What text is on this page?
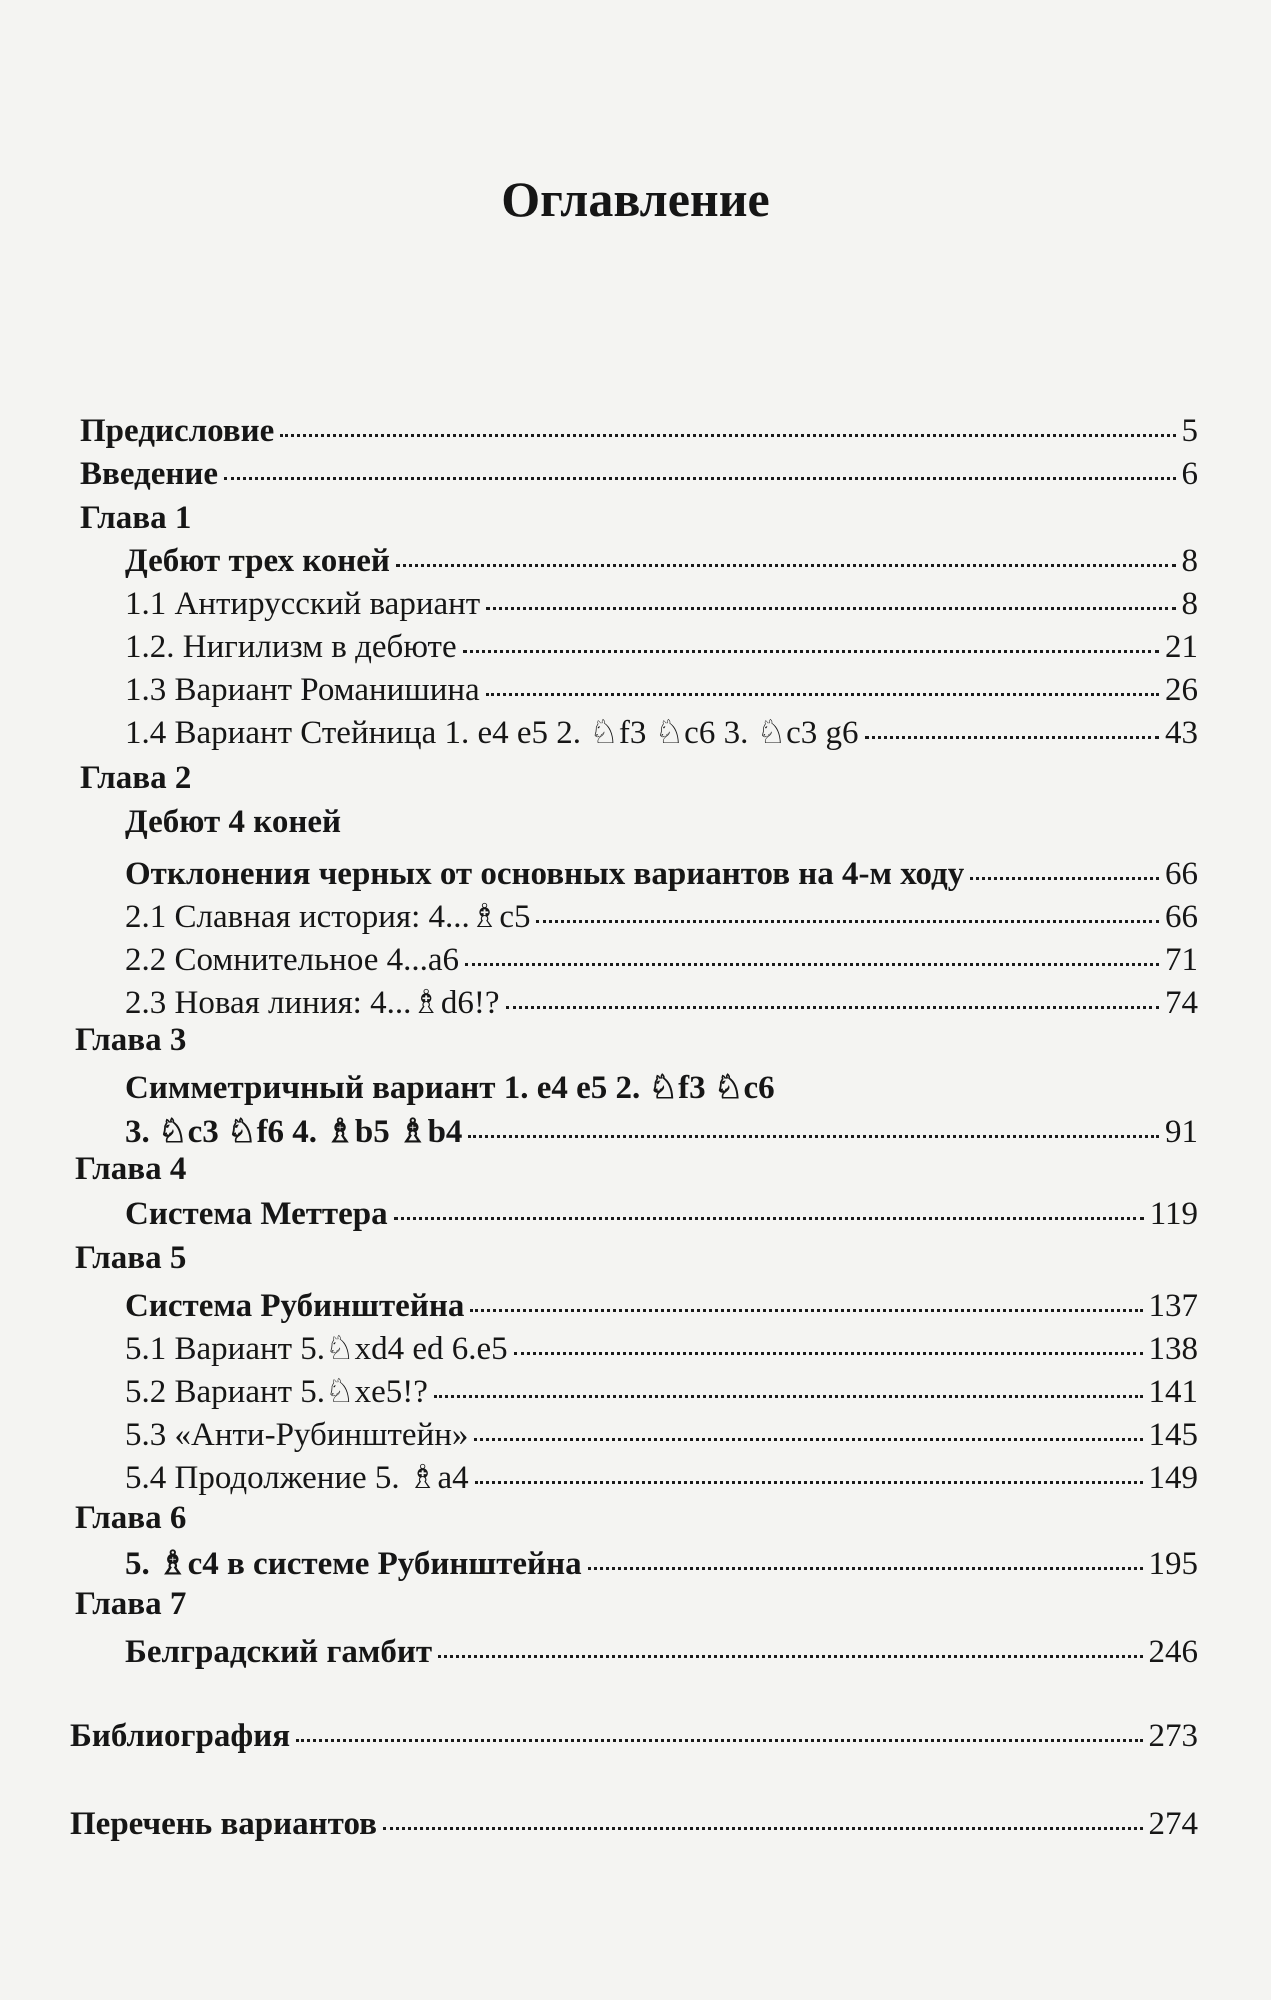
Оглавление
Предисловие	5
Введение	6
Глава 1
Дебют трех коней	8
1.1 Антирусский вариант	8
1.2. Нигилизм в дебюте	21
1.3 Вариант Романишина	26
1.4 Вариант Стейница 1. e4 e5 2. ♘f3 ♘c6 3. ♘c3 g6	43
Глава 2
Дебют 4 коней
Отклонения черных от основных вариантов на 4-м ходу	66
2.1 Славная история: 4...♗c5	66
2.2 Сомнительное 4...a6	71
2.3 Новая линия: 4...♗d6!?	74
Глава 3
Симметричный вариант 1. e4 e5 2. ♘f3 ♘c6
3. ♘c3 ♘f6 4. ♗b5 ♗b4	91
Глава 4
Система Меттера	119
Глава 5
Система Рубинштейна	137
5.1 Вариант 5.♘xd4 ed 6.e5	138
5.2 Вариант 5.♘xe5!?	141
5.3 «Анти-Рубинштейн»	145
5.4 Продолжение 5. ♗a4	149
Глава 6
5. ♗c4 в системе Рубинштейна	195
Глава 7
Белградский гамбит	246
Библиография	273
Перечень вариантов	274
